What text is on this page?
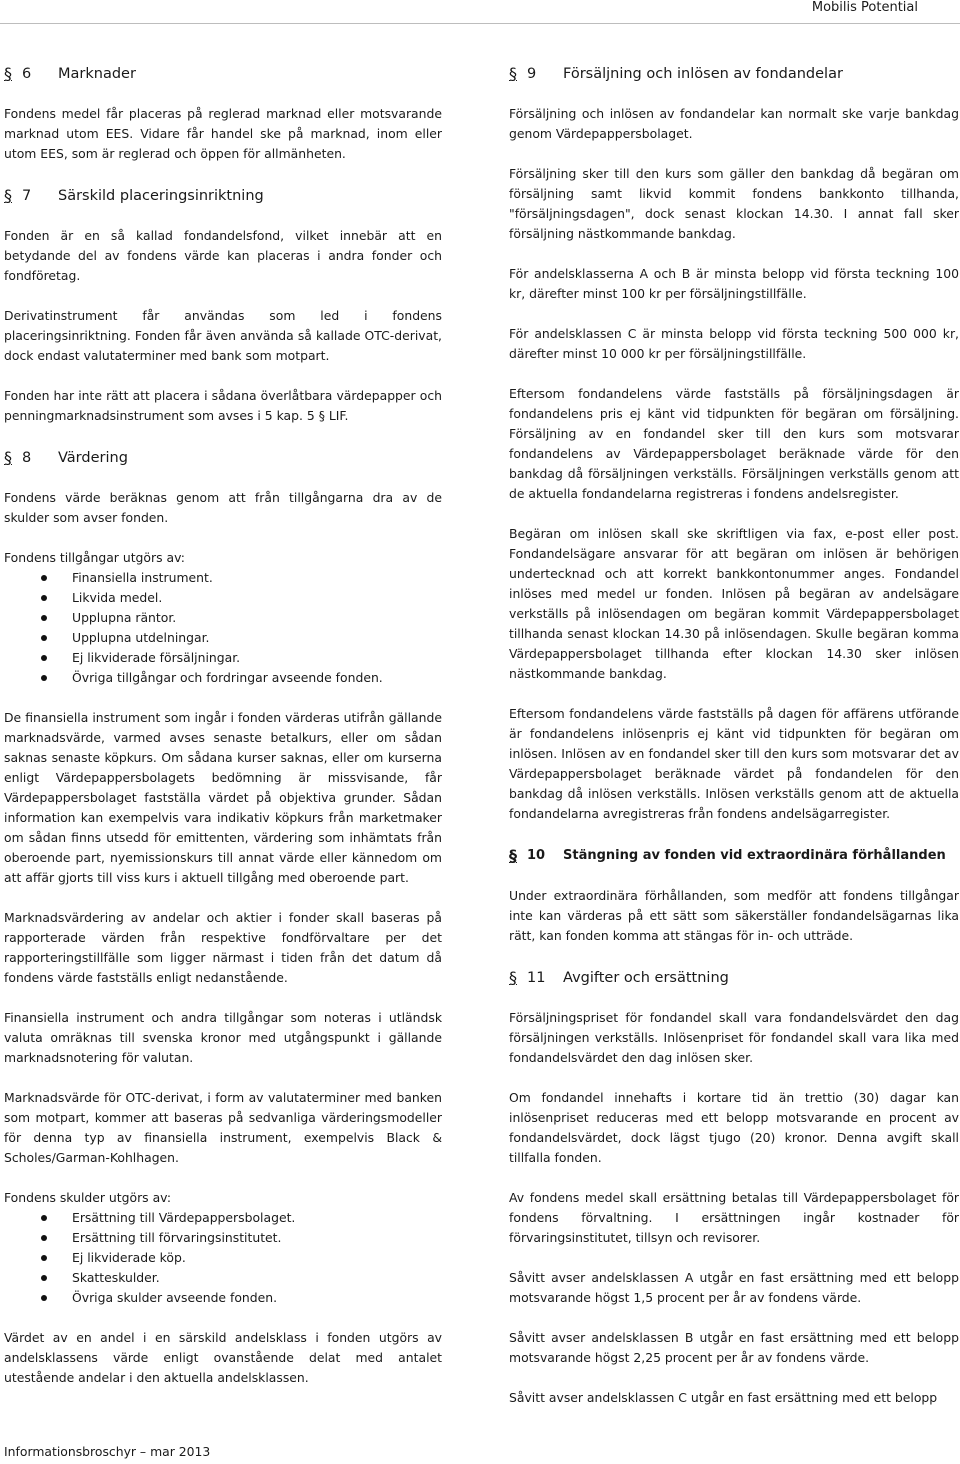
Mobilis Potential
§ 6	Marknader

Fondens medel får placeras på reglerad marknad eller motsvarande marknad utom EES. Vidare får handel ske på marknad, inom eller utom EES, som är reglerad och öppen för allmänheten.

§ 7	Särskild placeringsinriktning

Fonden är en så kallad fondandelsfond, vilket innebär att en betydande del av fondens värde kan placeras i andra fonder och fondföretag.

Derivatinstrument får användas som led i fondens placeringsinriktning. Fonden får även använda så kallade OTC-derivat, dock endast valutaterminer med bank som motpart.

Fonden har inte rätt att placera i sådana överlåtbara värdepapper och penningmarknadsinstrument som avses i 5 kap. 5 § LIF.

§ 8	Värdering

Fondens värde beräknas genom att från tillgångarna dra av de skulder som avser fonden.

Fondens tillgångar utgörs av:

Finansiella instrument.
Likvida medel.
Upplupna räntor.
Upplupna utdelningar.
Ej likviderade försäljningar.
Övriga tillgångar och fordringar avseende fonden.

De finansiella instrument som ingår i fonden värderas utifrån gällande marknadsvärde, varmed avses senaste betalkurs, eller om sådan saknas senaste köpkurs. Om sådana kurser saknas, eller om kurserna enligt Värdepappersbolagets bedömning är missvisande, får Värdepappersbolaget fastställa värdet på objektiva grunder. Sådan information kan exempelvis vara indikativ köpkurs från marketmaker om sådan finns utsedd för emittenten, värdering som inhämtats från oberoende part, nyemissionskurs till annat värde eller kännedom om att affär gjorts till viss kurs i aktuell tillgång med oberoende part.

Marknadsvärdering av andelar och aktier i fonder skall baseras på rapporterade värden från respektive fondförvaltare per det rapporteringstillfälle som ligger närmast i tiden från det datum då fondens värde fastställs enligt nedanstående.

Finansiella instrument och andra tillgångar som noteras i utländsk valuta omräknas till svenska kronor med utgångspunkt i gällande marknadsnotering för valutan.

Marknadsvärde för OTC-derivat, i form av valutaterminer med banken som motpart, kommer att baseras på sedvanliga värderingsmodeller för denna typ av finansiella instrument, exempelvis Black & Scholes/Garman-Kohlhagen.

Fondens skulder utgörs av:

Ersättning till Värdepappersbolaget.
Ersättning till förvaringsinstitutet.
Ej likviderade köp.
Skatteskulder.
Övriga skulder avseende fonden.

Värdet av en andel i en särskild andelsklass i fonden utgörs av andelsklassens värde enligt ovanstående delat med antalet utestående andelar i den aktuella andelsklassen.

§ 9	Försäljning och inlösen av fondandelar

Försäljning och inlösen av fondandelar kan normalt ske varje bankdag genom Värdepappersbolaget.

Försäljning sker till den kurs som gäller den bankdag då begäran om försäljning samt likvid kommit fondens bankkonto tillhanda, "försäljningsdagen", dock senast klockan 14.30. I annat fall sker försäljning nästkommande bankdag.

För andelsklasserna A och B är minsta belopp vid första teckning 100 kr, därefter minst 100 kr per försäljningstillfälle.

För andelsklassen C är minsta belopp vid första teckning 500 000 kr, därefter minst 10 000 kr per försäljningstillfälle.

Eftersom fondandelens värde fastställs på försäljningsdagen är fondandelens pris ej känt vid tidpunkten för begäran om försäljning. Försäljning av en fondandel sker till den kurs som motsvarar fondandelens av Värdepappersbolaget beräknade värde för den bankdag då försäljningen verkställs. Försäljningen verkställs genom att de aktuella fondandelarna registreras i fondens andelsregister.

Begäran om inlösen skall ske skriftligen via fax, e-post eller post. Fondandelsägare ansvarar för att begäran om inlösen är behörigen undertecknad och att korrekt bankkontonummer anges. Fondandel inlöses med medel ur fonden. Inlösen på begäran av andelsägare verkställs på inlösendagen om begäran kommit Värdepappersbolaget tillhanda senast klockan 14.30 på inlösendagen. Skulle begäran komma Värdepappersbolaget tillhanda efter klockan 14.30 sker inlösen nästkommande bankdag.

Eftersom fondandelens värde fastställs på dagen för affärens utförande är fondandelens inlösenpris ej känt vid tidpunkten för begäran om inlösen. Inlösen av en fondandel sker till den kurs som motsvarar det av Värdepappersbolaget beräknade värdet på fondandelen för den bankdag då inlösen verkställs. Inlösen verkställs genom att de aktuella fondandelarna avregistreras från fondens andelsägarregister.

§ 10	Stängning av fonden vid extraordinära förhållanden

Under extraordinära förhållanden, som medför att fondens tillgångar inte kan värderas på ett sätt som säkerställer fondandelsägarnas lika rätt, kan fonden komma att stängas för in- och utträde.

§ 11	Avgifter och ersättning

Försäljningspriset för fondandel skall vara fondandelsvärdet den dag försäljningen verkställs. Inlösenpriset för fondandel skall vara lika med fondandelsvärdet den dag inlösen sker.

Om fondandel innehafts i kortare tid än trettio (30) dagar kan inlösenpriset reduceras med ett belopp motsvarande en procent av fondandelsvärdet, dock lägst tjugo (20) kronor. Denna avgift skall tillfalla fonden.

Av fondens medel skall ersättning betalas till Värdepappersbolaget för fondens förvaltning. I ersättningen ingår kostnader för förvaringsinstitutet, tillsyn och revisorer.

Såvitt avser andelsklassen A utgår en fast ersättning med ett belopp motsvarande högst 1,5 procent per år av fondens värde.

Såvitt avser andelsklassen B utgår en fast ersättning med ett belopp motsvarande högst 2,25 procent per år av fondens värde.

Såvitt avser andelsklassen C utgår en fast ersättning med ett belopp

Informationsbroschyr – mar 2013
